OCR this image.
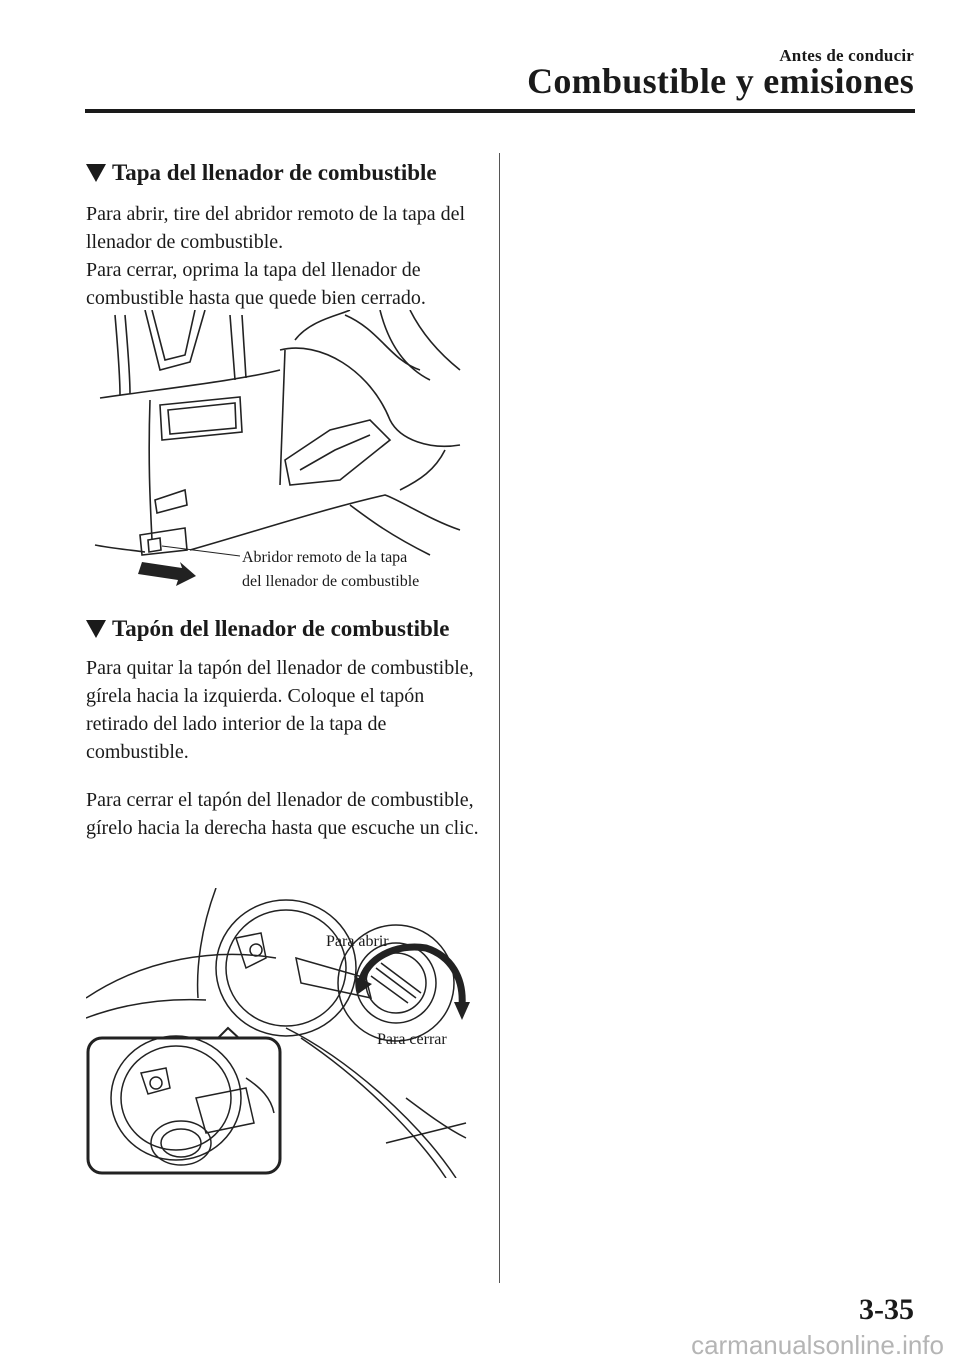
Antes de conducir
Combustible y emisiones
Tapa del llenador de combustible

Para abrir, tire del abridor remoto de la tapa del llenador de combustible.

Para cerrar, oprima la tapa del llenador de combustible hasta que quede bien cerrado.

Abridor remoto de la tapa
del llenador de combustible
Tapón del llenador de combustible

Para quitar la tapón del llenador de combustible, gírela hacia la izquierda. Coloque el tapón retirado del lado interior de la tapa de combustible.

Para cerrar el tapón del llenador de combustible, gírelo hacia la derecha hasta que escuche un clic.

Para abrir
Para cerrar
3-35
carmanualsonline.info
